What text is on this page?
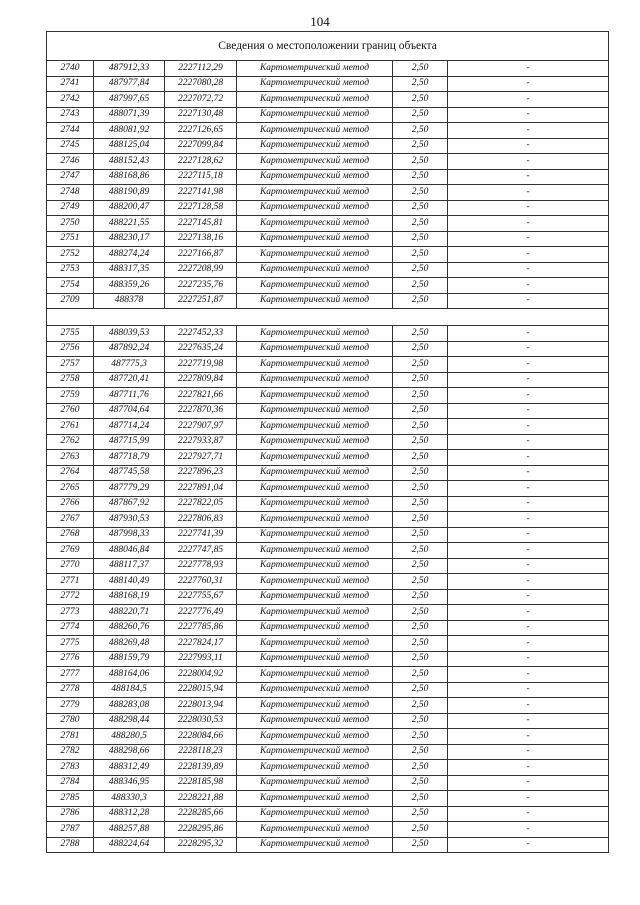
104
Сведения о местоположении границ объекта					
2740	487912,33	2227112,29	Картометрический метод	2,50	-
2741	487977,84	2227080,28	Картометрический метод	2,50	-
2742	487997,65	2227072,72	Картометрический метод	2,50	-
2743	488071,39	2227130,48	Картометрический метод	2,50	-
2744	488081,92	2227126,65	Картометрический метод	2,50	-
2745	488125,04	2227099,84	Картометрический метод	2,50	-
2746	488152,43	2227128,62	Картометрический метод	2,50	-
2747	488168,86	2227115,18	Картометрический метод	2,50	-
2748	488190,89	2227141,98	Картометрический метод	2,50	-
2749	488200,47	2227128,58	Картометрический метод	2,50	-
2750	488221,55	2227145,81	Картометрический метод	2,50	-
2751	488230,17	2227138,16	Картометрический метод	2,50	-
2752	488274,24	2227166,87	Картометрический метод	2,50	-
2753	488317,35	2227208,99	Картометрический метод	2,50	-
2754	488359,26	2227235,76	Картометрический метод	2,50	-
2709	488378	2227251,87	Картометрический метод	2,50	-

2755	488039,53	2227452,33	Картометрический метод	2,50	-
2756	487892,24	2227635,24	Картометрический метод	2,50	-
2757	487775,3	2227719,98	Картометрический метод	2,50	-
2758	487720,41	2227809,84	Картометрический метод	2,50	-
2759	487711,76	2227821,66	Картометрический метод	2,50	-
2760	487704,64	2227870,36	Картометрический метод	2,50	-
2761	487714,24	2227907,97	Картометрический метод	2,50	-
2762	487715,99	2227933,87	Картометрический метод	2,50	-
2763	487718,79	2227927,71	Картометрический метод	2,50	-
2764	487745,58	2227896,23	Картометрический метод	2,50	-
2765	487779,29	2227891,04	Картометрический метод	2,50	-
2766	487867,92	2227822,05	Картометрический метод	2,50	-
2767	487930,53	2227806,83	Картометрический метод	2,50	-
2768	487998,33	2227741,39	Картометрический метод	2,50	-
2769	488046,84	2227747,85	Картометрический метод	2,50	-
2770	488117,37	2227778,93	Картометрический метод	2,50	-
2771	488140,49	2227760,31	Картометрический метод	2,50	-
2772	488168,19	2227755,67	Картометрический метод	2,50	-
2773	488220,71	2227776,49	Картометрический метод	2,50	-
2774	488260,76	2227785,86	Картометрический метод	2,50	-
2775	488269,48	2227824,17	Картометрический метод	2,50	-
2776	488159,79	2227993,11	Картометрический метод	2,50	-
2777	488164,06	2228004,92	Картометрический метод	2,50	-
2778	488184,5	2228015,94	Картометрический метод	2,50	-
2779	488283,08	2228013,94	Картометрический метод	2,50	-
2780	488298,44	2228030,53	Картометрический метод	2,50	-
2781	488280,5	2228084,66	Картометрический метод	2,50	-
2782	488298,66	2228118,23	Картометрический метод	2,50	-
2783	488312,49	2228139,89	Картометрический метод	2,50	-
2784	488346,95	2228185,98	Картометрический метод	2,50	-
2785	488330,3	2228221,88	Картометрический метод	2,50	-
2786	488312,28	2228285,66	Картометрический метод	2,50	-
2787	488257,88	2228295,86	Картометрический метод	2,50	-
2788	488224,64	2228295,32	Картометрический метод	2,50	-
